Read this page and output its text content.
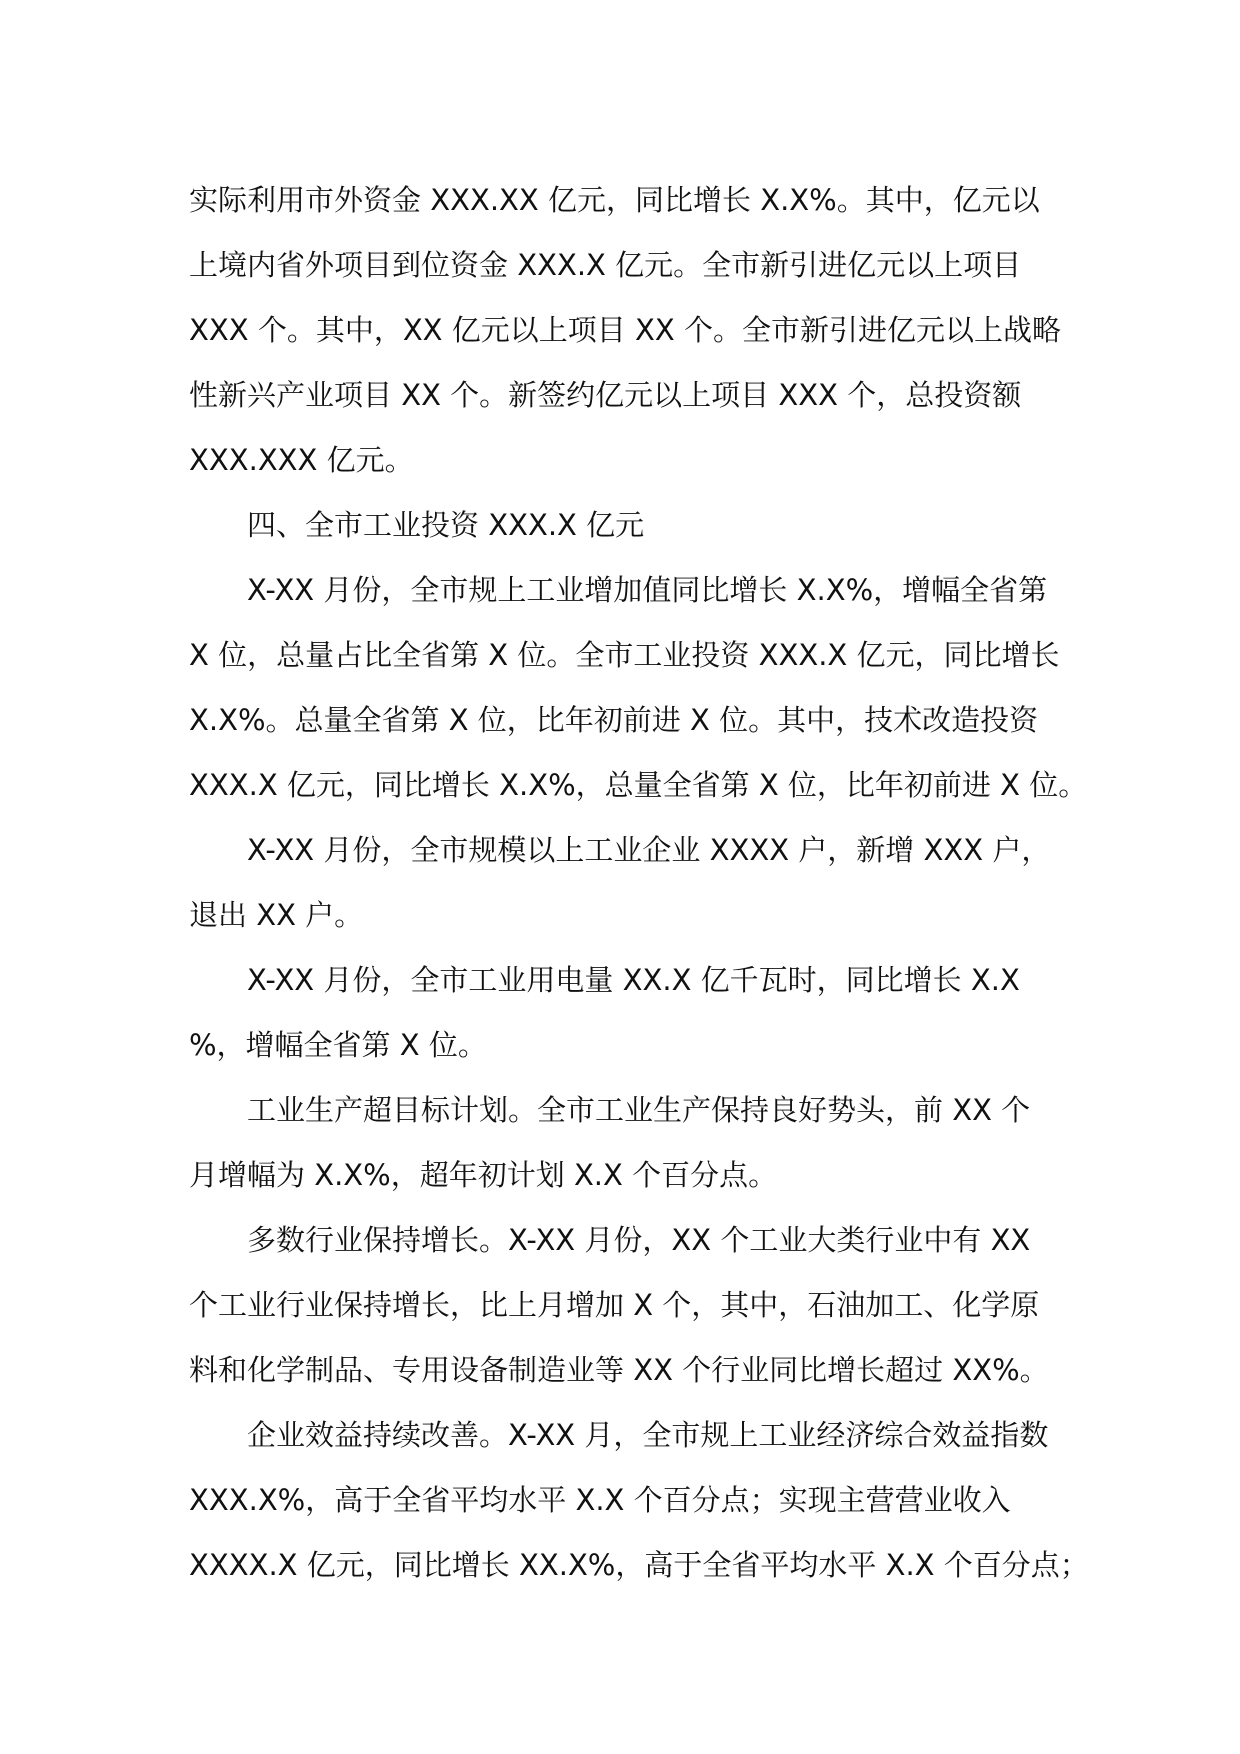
实际利用市外资金 XXX.XX 亿元，同比增长 X.X%。其中，亿元以
上境内省外项目到位资金 XXX.X 亿元。全市新引进亿元以上项目
XXX 个。其中，XX 亿元以上项目 XX 个。全市新引进亿元以上战略
性新兴产业项目 XX 个。新签约亿元以上项目 XXX 个，总投资额
XXX.XXX 亿元。
四、全市工业投资 XXX.X 亿元
X-XX 月份，全市规上工业增加值同比增长 X.X%，增幅全省第
X 位，总量占比全省第 X 位。全市工业投资 XXX.X 亿元，同比增长
X.X%。总量全省第 X 位，比年初前进 X 位。其中，技术改造投资
XXX.X 亿元，同比增长 X.X%，总量全省第 X 位，比年初前进 X 位。
X-XX 月份，全市规模以上工业企业 XXXX 户，新增 XXX 户，
退出 XX 户。
X-XX 月份，全市工业用电量 XX.X 亿千瓦时，同比增长 X.X
%，增幅全省第 X 位。
工业生产超目标计划。全市工业生产保持良好势头，前 XX 个
月增幅为 X.X%，超年初计划 X.X 个百分点。
多数行业保持增长。X-XX 月份，XX 个工业大类行业中有 XX
个工业行业保持增长，比上月增加 X 个，其中，石油加工、化学原
料和化学制品、专用设备制造业等 XX 个行业同比增长超过 XX%。
企业效益持续改善。X-XX 月，全市规上工业经济综合效益指数
XXX.X%，高于全省平均水平 X.X 个百分点；实现主营营业收入
XXXX.X 亿元，同比增长 XX.X%，高于全省平均水平 X.X 个百分点；
